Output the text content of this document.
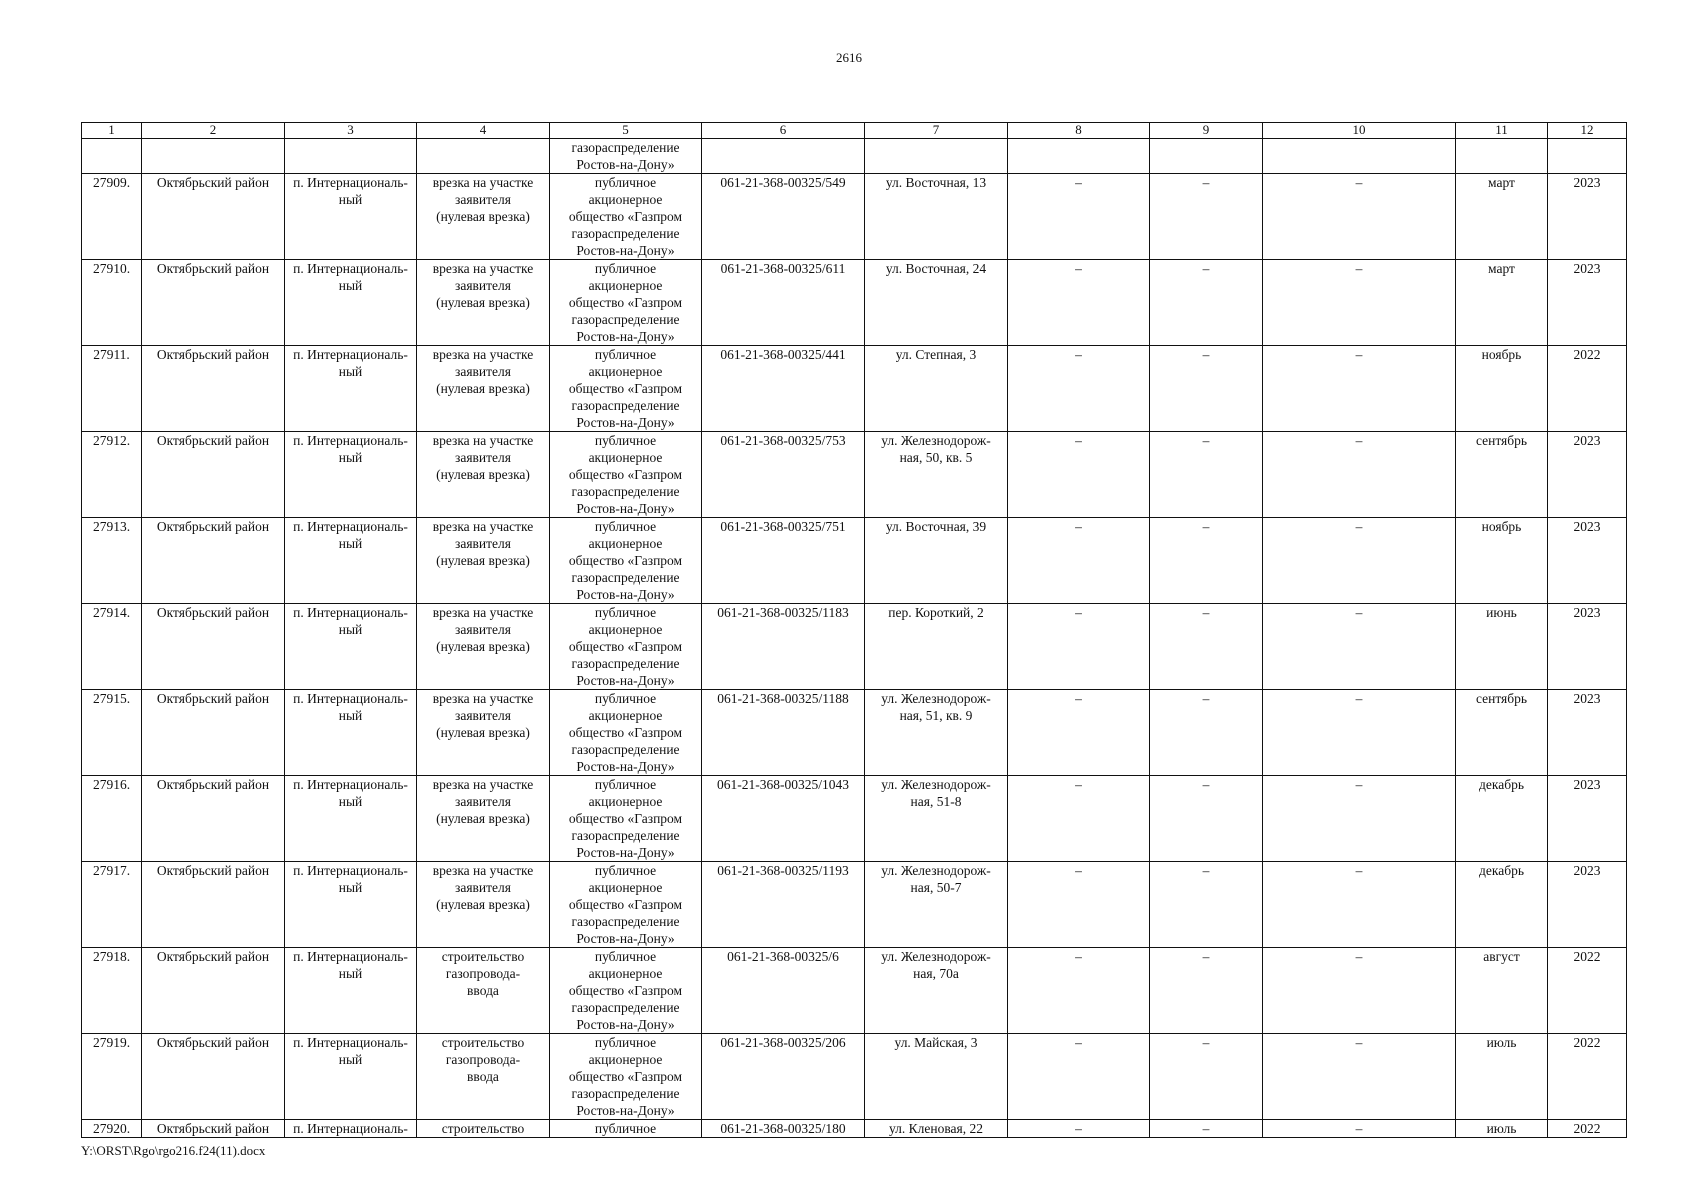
2616
1	2	3	4	5	6	7	8	9	10	11	12
				газораспределение
Ростов-на-Дону»							
27909.	Октябрьский район	п. Интернациональ-
ный	врезка на участке
заявителя
(нулевая врезка)	публичное
акционерное
общество «Газпром
газораспределение
Ростов-на-Дону»	061-21-368-00325/549	ул. Восточная, 13	–	–	–	март	2023
27910.	Октябрьский район	п. Интернациональ-
ный	врезка на участке
заявителя
(нулевая врезка)	публичное
акционерное
общество «Газпром
газораспределение
Ростов-на-Дону»	061-21-368-00325/611	ул. Восточная, 24	–	–	–	март	2023
27911.	Октябрьский район	п. Интернациональ-
ный	врезка на участке
заявителя
(нулевая врезка)	публичное
акционерное
общество «Газпром
газораспределение
Ростов-на-Дону»	061-21-368-00325/441	ул. Степная, 3	–	–	–	ноябрь	2022
27912.	Октябрьский район	п. Интернациональ-
ный	врезка на участке
заявителя
(нулевая врезка)	публичное
акционерное
общество «Газпром
газораспределение
Ростов-на-Дону»	061-21-368-00325/753	ул. Железнодорож-
ная, 50, кв. 5	–	–	–	сентябрь	2023
27913.	Октябрьский район	п. Интернациональ-
ный	врезка на участке
заявителя
(нулевая врезка)	публичное
акционерное
общество «Газпром
газораспределение
Ростов-на-Дону»	061-21-368-00325/751	ул. Восточная, 39	–	–	–	ноябрь	2023
27914.	Октябрьский район	п. Интернациональ-
ный	врезка на участке
заявителя
(нулевая врезка)	публичное
акционерное
общество «Газпром
газораспределение
Ростов-на-Дону»	061-21-368-00325/1183	пер. Короткий, 2	–	–	–	июнь	2023
27915.	Октябрьский район	п. Интернациональ-
ный	врезка на участке
заявителя
(нулевая врезка)	публичное
акционерное
общество «Газпром
газораспределение
Ростов-на-Дону»	061-21-368-00325/1188	ул. Железнодорож-
ная, 51, кв. 9	–	–	–	сентябрь	2023
27916.	Октябрьский район	п. Интернациональ-
ный	врезка на участке
заявителя
(нулевая врезка)	публичное
акционерное
общество «Газпром
газораспределение
Ростов-на-Дону»	061-21-368-00325/1043	ул. Железнодорож-
ная, 51-8	–	–	–	декабрь	2023
27917.	Октябрьский район	п. Интернациональ-
ный	врезка на участке
заявителя
(нулевая врезка)	публичное
акционерное
общество «Газпром
газораспределение
Ростов-на-Дону»	061-21-368-00325/1193	ул. Железнодорож-
ная, 50-7	–	–	–	декабрь	2023
27918.	Октябрьский район	п. Интернациональ-
ный	строительство
газопровода-
ввода	публичное
акционерное
общество «Газпром
газораспределение
Ростов-на-Дону»	061-21-368-00325/6	ул. Железнодорож-
ная, 70а	–	–	–	август	2022
27919.	Октябрьский район	п. Интернациональ-
ный	строительство
газопровода-
ввода	публичное
акционерное
общество «Газпром
газораспределение
Ростов-на-Дону»	061-21-368-00325/206	ул. Майская, 3	–	–	–	июль	2022
27920.	Октябрьский район	п. Интернациональ-	строительство	публичное	061-21-368-00325/180	ул. Кленовая, 22	–	–	–	июль	2022
Y:\ORST\Rgo\rgo216.f24(11).docx
